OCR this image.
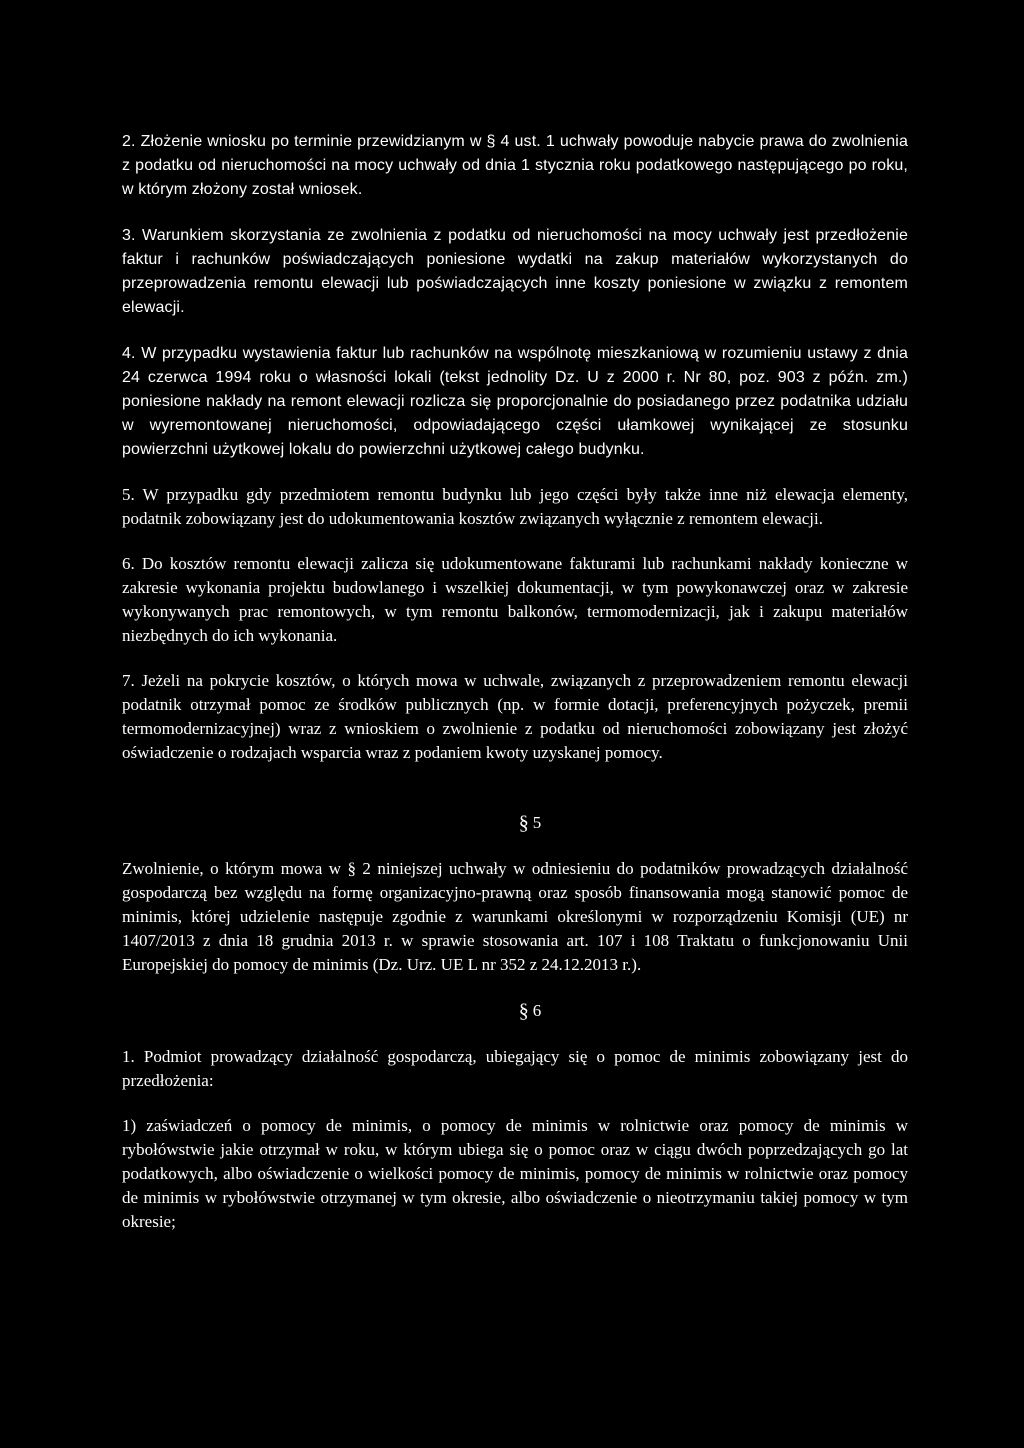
2. Złożenie wniosku po terminie przewidzianym w § 4 ust. 1 uchwały powoduje nabycie prawa do zwolnienia z podatku od nieruchomości na mocy uchwały od dnia 1 stycznia roku podatkowego następującego po roku, w którym złożony został wniosek.

3. Warunkiem skorzystania ze zwolnienia z podatku od nieruchomości na mocy uchwały jest przedłożenie faktur i rachunków poświadczających poniesione wydatki na zakup materiałów wykorzystanych do przeprowadzenia remontu elewacji lub poświadczających inne koszty poniesione w związku z remontem elewacji.

4. W przypadku wystawienia faktur lub rachunków na wspólnotę mieszkaniową w rozumieniu ustawy z dnia 24 czerwca 1994 roku o własności lokali (tekst jednolity Dz. U z 2000 r. Nr 80, poz. 903 z późn. zm.) poniesione nakłady na remont elewacji rozlicza się proporcjonalnie do posiadanego przez podatnika udziału w wyremontowanej nieruchomości, odpowiadającego części ułamkowej wynikającej ze stosunku powierzchni użytkowej lokalu do powierzchni użytkowej całego budynku.

5. W przypadku gdy przedmiotem remontu budynku lub jego części były także inne niż elewacja elementy, podatnik zobowiązany jest do udokumentowania kosztów związanych wyłącznie z remontem elewacji.

6. Do kosztów remontu elewacji zalicza się udokumentowane fakturami lub rachunkami nakłady konieczne w zakresie wykonania projektu budowlanego i wszelkiej dokumentacji, w tym powykonawczej oraz w zakresie wykonywanych prac remontowych, w tym remontu balkonów, termomodernizacji, jak i zakupu materiałów niezbędnych do ich wykonania.

7. Jeżeli na pokrycie kosztów, o których mowa w uchwale, związanych z przeprowadzeniem remontu elewacji podatnik otrzymał pomoc ze środków publicznych (np. w formie dotacji, preferencyjnych pożyczek, premii termomodernizacyjnej) wraz z wnioskiem o zwolnienie z podatku od nieruchomości zobowiązany jest złożyć oświadczenie o rodzajach wsparcia wraz z podaniem kwoty uzyskanej pomocy.

§ 5

Zwolnienie, o którym mowa w § 2 niniejszej uchwały w odniesieniu do podatników prowadzących działalność gospodarczą bez względu na formę organizacyjno-prawną oraz sposób finansowania mogą stanowić pomoc de minimis, której udzielenie następuje zgodnie z warunkami określonymi w rozporządzeniu Komisji (UE) nr 1407/2013 z dnia 18 grudnia 2013 r. w sprawie stosowania art. 107 i 108 Traktatu o funkcjonowaniu Unii Europejskiej do pomocy de minimis (Dz. Urz. UE L nr 352 z 24.12.2013 r.).

§ 6

1. Podmiot prowadzący działalność gospodarczą, ubiegający się o pomoc de minimis zobowiązany jest do przedłożenia:

1) zaświadczeń o pomocy de minimis, o pomocy de minimis w rolnictwie oraz pomocy de minimis w rybołówstwie jakie otrzymał w roku, w którym ubiega się o pomoc oraz w ciągu dwóch poprzedzających go lat podatkowych, albo oświadczenie o wielkości pomocy de minimis, pomocy de minimis w rolnictwie oraz pomocy de minimis w rybołówstwie otrzymanej w tym okresie, albo oświadczenie o nieotrzymaniu takiej pomocy w tym okresie;
